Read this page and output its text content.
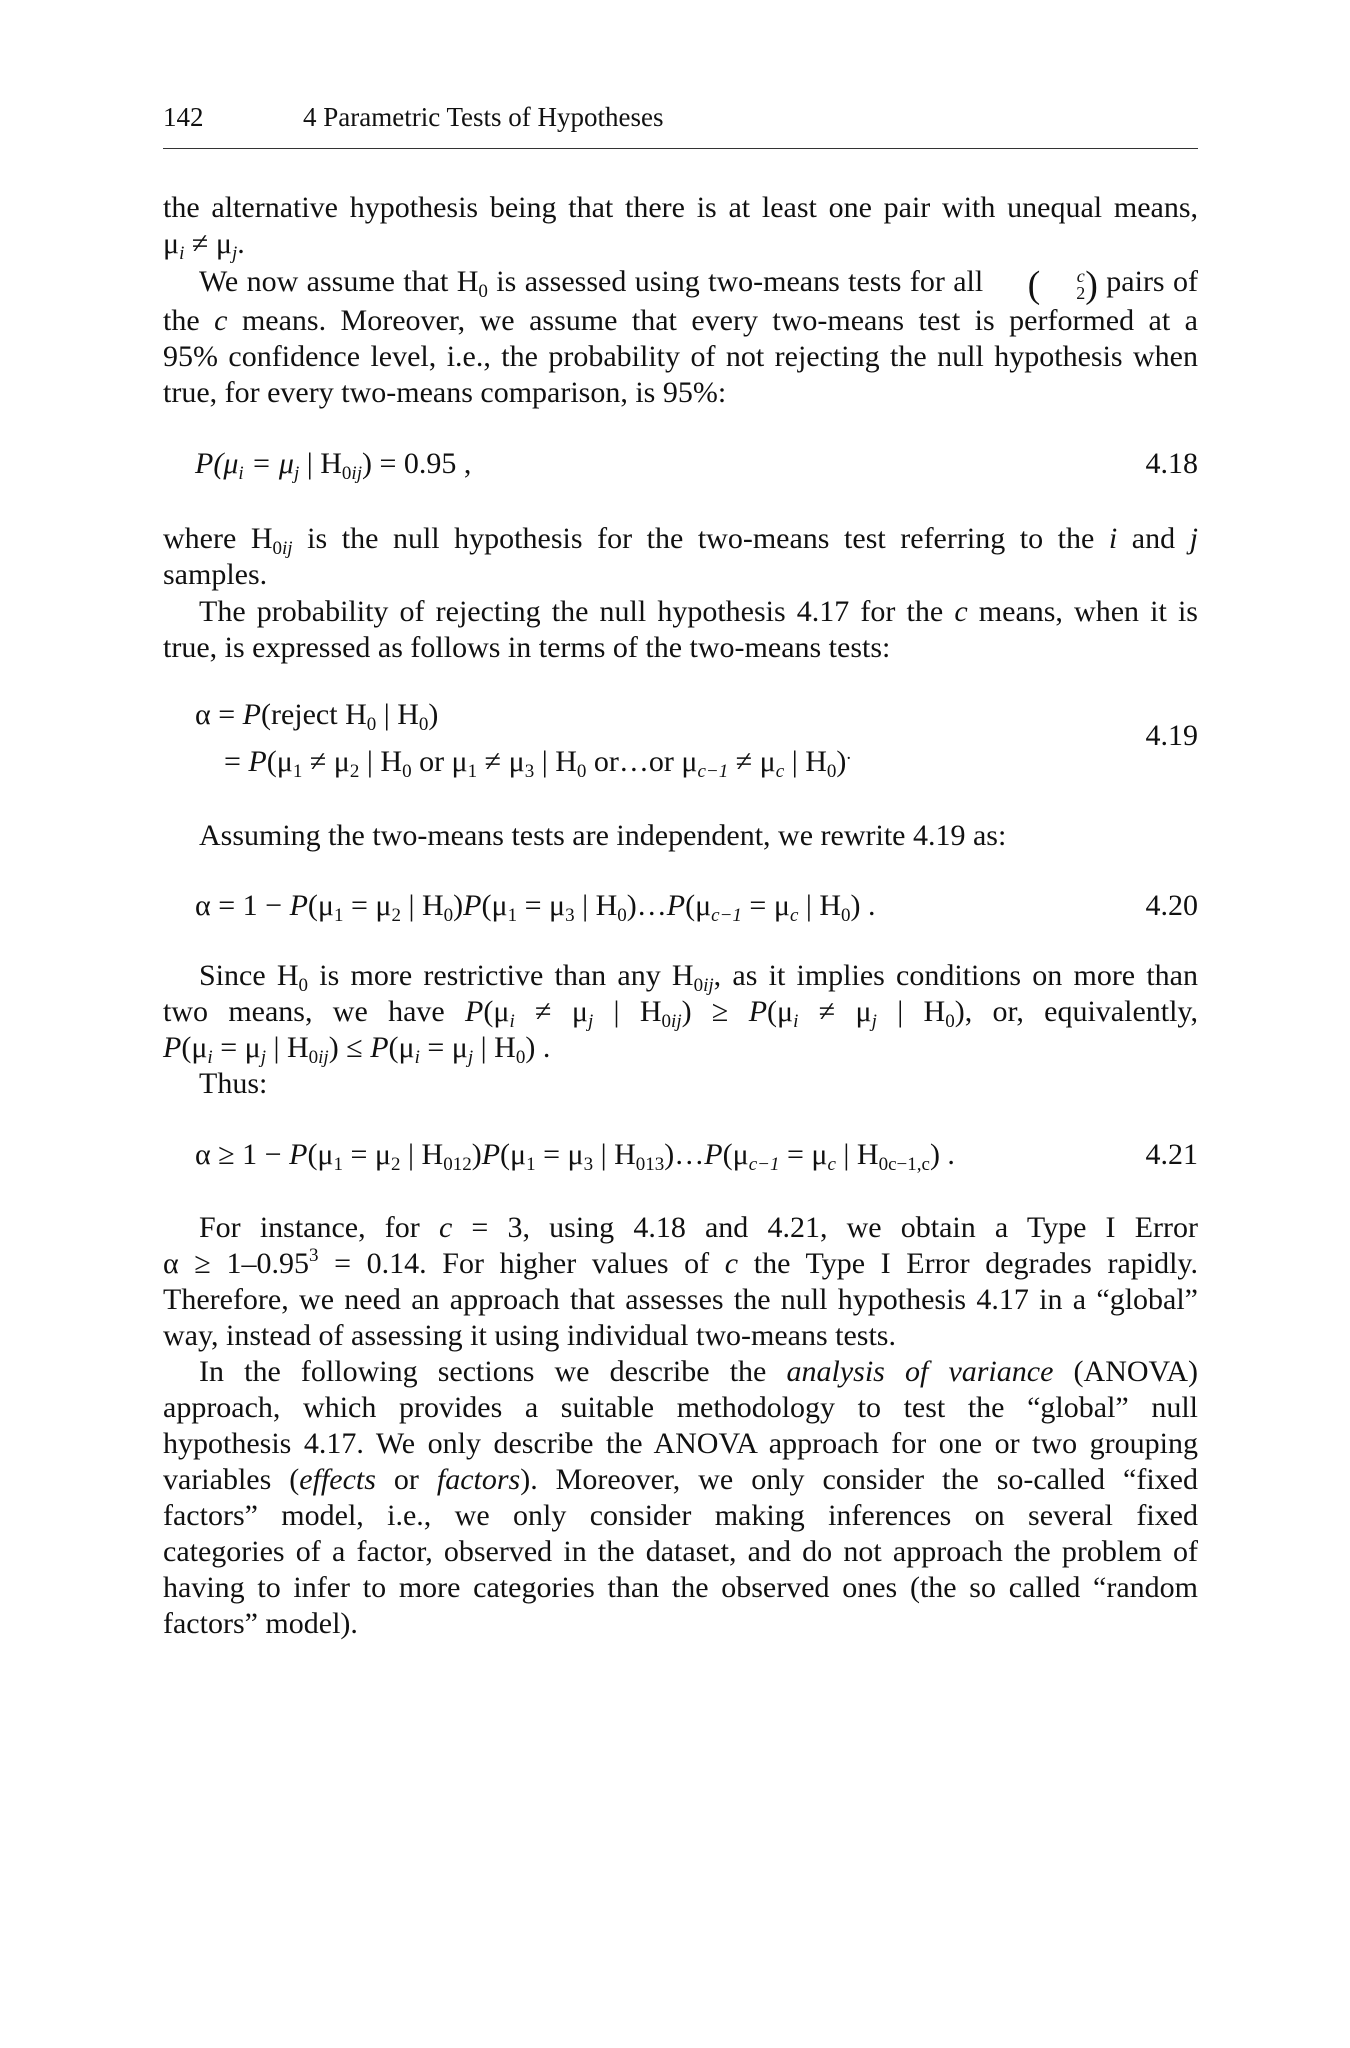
142	4 Parametric Tests of Hypotheses
the alternative hypothesis being that there is at least one pair with unequal means,
$\mu_i \ne \mu_j$.
We now assume that $H_0$ is assessed using two-means tests for all (	c
2 ) pairs of
the c means. Moreover, we assume that every two-means test is performed at a
95% confidence level, i.e., the probability of not rejecting the null hypothesis when
true, for every two-means comparison, is 95%:
$P(\mu_i = \mu_j$ | $H_{0ij}) = 0.95$ ,	4.18
where $H_{0ij}$ is the null hypothesis for the two-means test referring to the i and j
samples.
The probability of rejecting the null hypothesis 4.17 for the c means, when it is
true, is expressed as follows in terms of the two-means tests:
α = P(reject $H_0$ | $H_0$)
= $P(\mu_1 \ne \mu_2$ | $H_0$ or $\mu_1 \ne \mu_3$ | $H_0$ or…or $\mu_{c-1} \ne \mu_c$ | $H_0)^.$
4.19
Assuming the two-means tests are independent, we rewrite 4.19 as:
$\alpha = 1 - P(\mu_1 = \mu_2$ | $H_0)P(\mu_1 = \mu_3$ | $H_0)\dots P(\mu_{c-1} = \mu_c$ | $H_0$) .	4.20
Since $H_0$ is more restrictive than any $H_{0ij}$, as it implies conditions on more than
two means, we have $P(\mu_i \ne \mu_j$ | $H_{0ij}) \ge P(\mu_i \ne \mu_j$ | $H_0$), or, equivalently,
$P(\mu_i = \mu_j$ | $H_{0ij}) \le P(\mu_i = \mu_j$ | $H_0$) .
Thus:
$\alpha \ge 1 - P(\mu_1 = \mu_2$ | $H_{012})P(\mu_1 = \mu_3$ | $H_{013})\dots P(\mu_{c-1} = \mu_c$ | $H_{0c-1,c}$) .	4.21
For instance, for c = 3, using 4.18 and 4.21, we obtain a Type I Error
$\alpha \ge 1-0.95^3 = 0.14$. For higher values of c the Type I Error degrades rapidly.
Therefore, we need an approach that assesses the null hypothesis 4.17 in a “global”
way, instead of assessing it using individual two-means tests.
In the following sections we describe the analysis of variance (ANOVA)
approach, which provides a suitable methodology to test the “global” null
hypothesis 4.17. We only describe the ANOVA approach for one or two grouping
variables (effects or factors). Moreover, we only consider the so-called “fixed
factors” model, i.e., we only consider making inferences on several fixed
categories of a factor, observed in the dataset, and do not approach the problem of
having to infer to more categories than the observed ones (the so called “random
factors” model).
